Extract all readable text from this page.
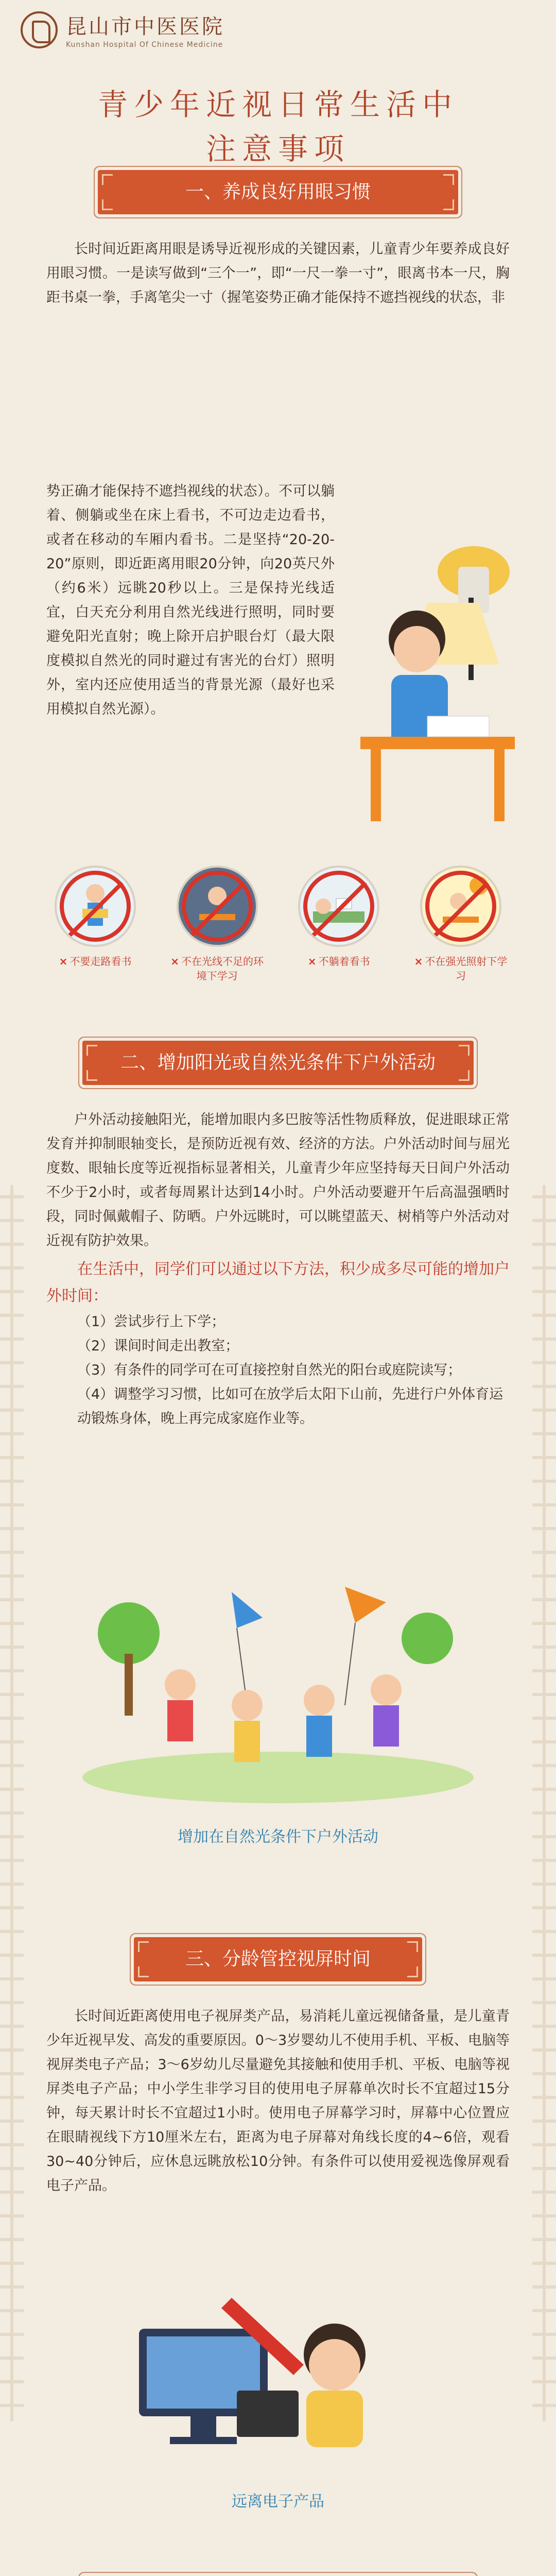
昆山市中医医院
Kunshan Hospital Of Chinese Medicine
青少年近视日常生活中
注意事项
一、养成良好用眼习惯
长时间近距离用眼是诱导近视形成的关键因素，儿童青少年要养成良好用眼习惯。一是读写做到“三个一”，即“一尺一拳一寸”，眼离书本一尺，胸距书桌一拳，手离笔尖一寸（握笔姿势正确才能保持不遮挡视线的状态，非
势正确才能保持不遮挡视线的状态）。不可以躺着、侧躺或坐在床上看书，不可边走边看书，或者在移动的车厢内看书。二是坚持“20-20-20”原则，即近距离用眼20分钟，向20英尺外（约6米）远眺20秒以上。三是保持光线适宜，白天充分利用自然光线进行照明，同时要避免阳光直射；晚上除开启护眼台灯（最大限度模拟自然光的同时避过有害光的台灯）照明外，室内还应使用适当的背景光源（最好也采用模拟自然光源）。
× 不要走路看书	× 不在光线不足的环境下学习
× 不躺着看书	× 不在强光照射下学习
二、增加阳光或自然光条件下户外活动
户外活动接触阳光，能增加眼内多巴胺等活性物质释放，促进眼球正常发育并抑制眼轴变长，是预防近视有效、经济的方法。户外活动时间与屈光度数、眼轴长度等近视指标显著相关，儿童青少年应坚持每天日间户外活动不少于2小时，或者每周累计达到14小时。户外活动要避开午后高温强晒时段，同时佩戴帽子、防晒。户外远眺时，可以眺望蓝天、树梢等户外活动对近视有防护效果。
在生活中，同学们可以通过以下方法，积少成多尽可能的增加户外时间：
（1）尝试步行上下学；
（2）课间时间走出教室；
（3）有条件的同学可在可直接控射自然光的阳台或庭院读写；
（4）调整学习习惯，比如可在放学后太阳下山前，先进行户外体育运动锻炼身体，晚上再完成家庭作业等。
增加在自然光条件下户外活动
三、分龄管控视屏时间
长时间近距离使用电子视屏类产品，易消耗儿童远视储备量，是儿童青少年近视早发、高发的重要原因。0～3岁婴幼儿不使用手机、平板、电脑等视屏类电子产品；3～6岁幼儿尽量避免其接触和使用手机、平板、电脑等视屏类电子产品；中小学生非学习目的使用电子屏幕单次时长不宜超过15分钟，每天累计时长不宜超过1小时。使用电子屏幕学习时，屏幕中心位置应在眼睛视线下方10厘米左右，距离为电子屏幕对角线长度的4~6倍，观看30~40分钟后，应休息远眺放松10分钟。有条件可以使用爱视选像屏观看电子产品。
远离电子产品
